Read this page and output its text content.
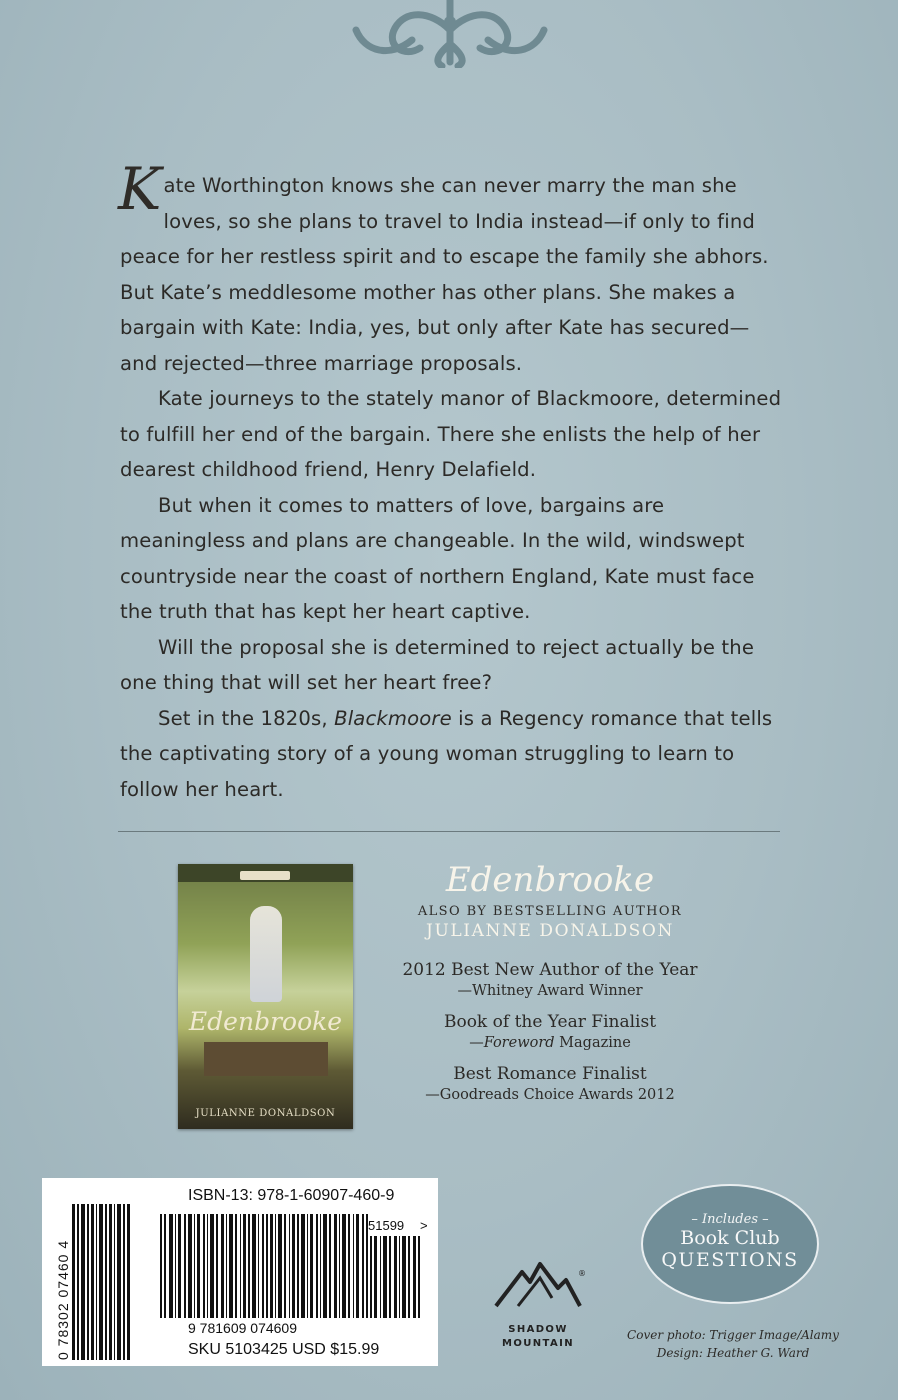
Kate Worthington knows she can never marry the man she loves, so she plans to travel to India instead—if only to find peace for her restless spirit and to escape the family she abhors. But Kate’s meddlesome mother has other plans. She makes a bargain with Kate: India, yes, but only after Kate has secured—and rejected—three marriage proposals.

Kate journeys to the stately manor of Blackmoore, determined to fulfill her end of the bargain. There she enlists the help of her dearest childhood friend, Henry Delafield.

But when it comes to matters of love, bargains are meaningless and plans are changeable. In the wild, windswept countryside near the coast of northern England, Kate must face the truth that has kept her heart captive.

Will the proposal she is determined to reject actually be the one thing that will set her heart free?

Set in the 1820s, Blackmoore is a Regency romance that tells the captivating story of a young woman struggling to learn to follow her heart.

Edenbrooke
JULIANNE DONALDSON
Edenbrooke
ALSO BY BESTSELLING AUTHOR
JULIANNE DONALDSON
2012 Best New Author of the Year
—Whitney Award Winner
Book of the Year Finalist
—Foreword Magazine
Best Romance Finalist
—Goodreads Choice Awards 2012
0 78302 07460 4
ISBN-13: 978-1-60907-460-9
51599 >
9 781609 074609
SKU 5103425 USD $15.99
®
SHADOW
MOUNTAIN
– Includes –
Book Club
QUESTIONS
Cover photo: Trigger Image/Alamy
Design: Heather G. Ward
